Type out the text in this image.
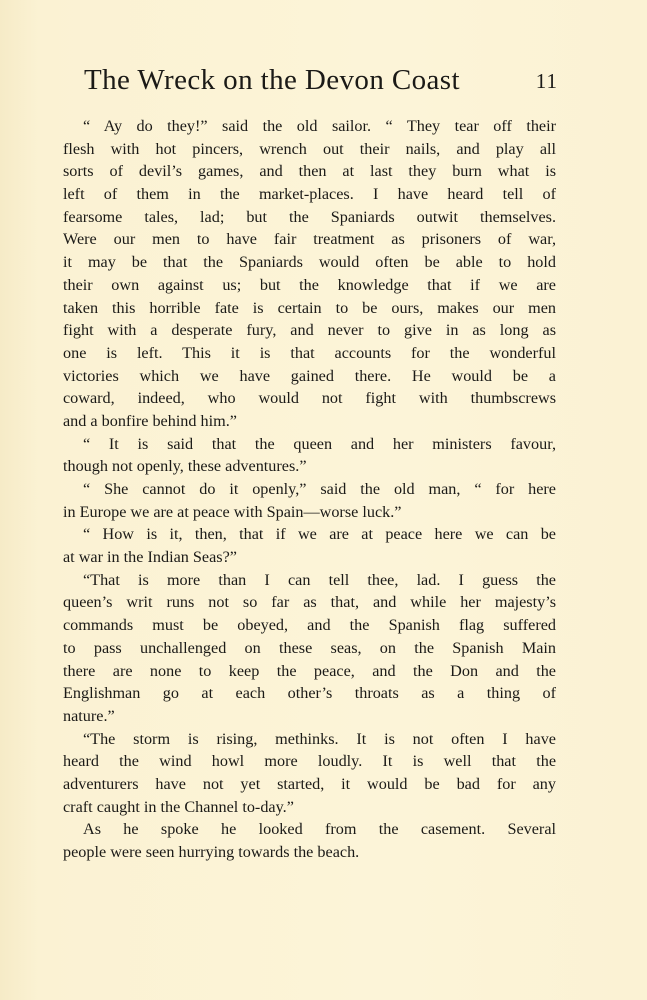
The Wreck on the Devon Coast	11
“ Ay do they!” said the old sailor. “ They tear off their
flesh with hot pincers, wrench out their nails, and play all
sorts of devil’s games, and then at last they burn what is
left of them in the market-places. I have heard tell of
fearsome tales, lad; but the Spaniards outwit themselves.
Were our men to have fair treatment as prisoners of war,
it may be that the Spaniards would often be able to hold
their own against us; but the knowledge that if we are
taken this horrible fate is certain to be ours, makes our men
fight with a desperate fury, and never to give in as long as
one is left. This it is that accounts for the wonderful
victories which we have gained there. He would be a
coward, indeed, who would not fight with thumbscrews
and a bonfire behind him.”
“ It is said that the queen and her ministers favour,
though not openly, these adventures.”
“ She cannot do it openly,” said the old man, “ for here
in Europe we are at peace with Spain—worse luck.”
“ How is it, then, that if we are at peace here we can be
at war in the Indian Seas?”
“That is more than I can tell thee, lad. I guess the
queen’s writ runs not so far as that, and while her majesty’s
commands must be obeyed, and the Spanish flag suffered
to pass unchallenged on these seas, on the Spanish Main
there are none to keep the peace, and the Don and the
Englishman go at each other’s throats as a thing of
nature.”
“The storm is rising, methinks. It is not often I have
heard the wind howl more loudly. It is well that the
adventurers have not yet started, it would be bad for any
craft caught in the Channel to-day.”
As he spoke he looked from the casement. Several
people were seen hurrying towards the beach.
